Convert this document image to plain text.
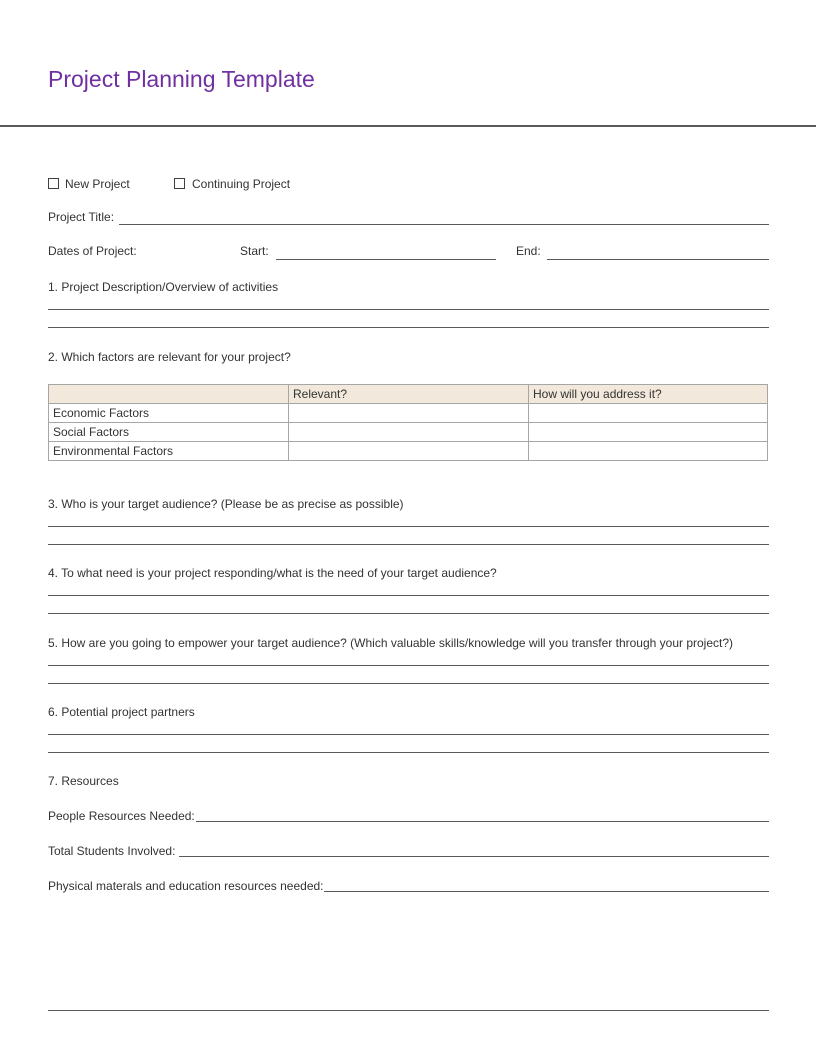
Project Planning Template
New Project	Continuing Project
Project Title:
Dates of Project:	Start:	End:
1. Project Description/Overview of activities
2. Which factors are relevant for your project?
	Relevant?	How will you address it?
Economic Factors		
Social Factors		
Environmental Factors		
3. Who is your target audience? (Please be as precise as possible)
4. To what need is your project responding/what is the need of your target audience?
5. How are you going to empower your target audience? (Which valuable skills/knowledge will you transfer through your project?)
6. Potential project partners
7. Resources
People Resources Needed:
Total Students Involved:
Physical materals and education resources needed:
